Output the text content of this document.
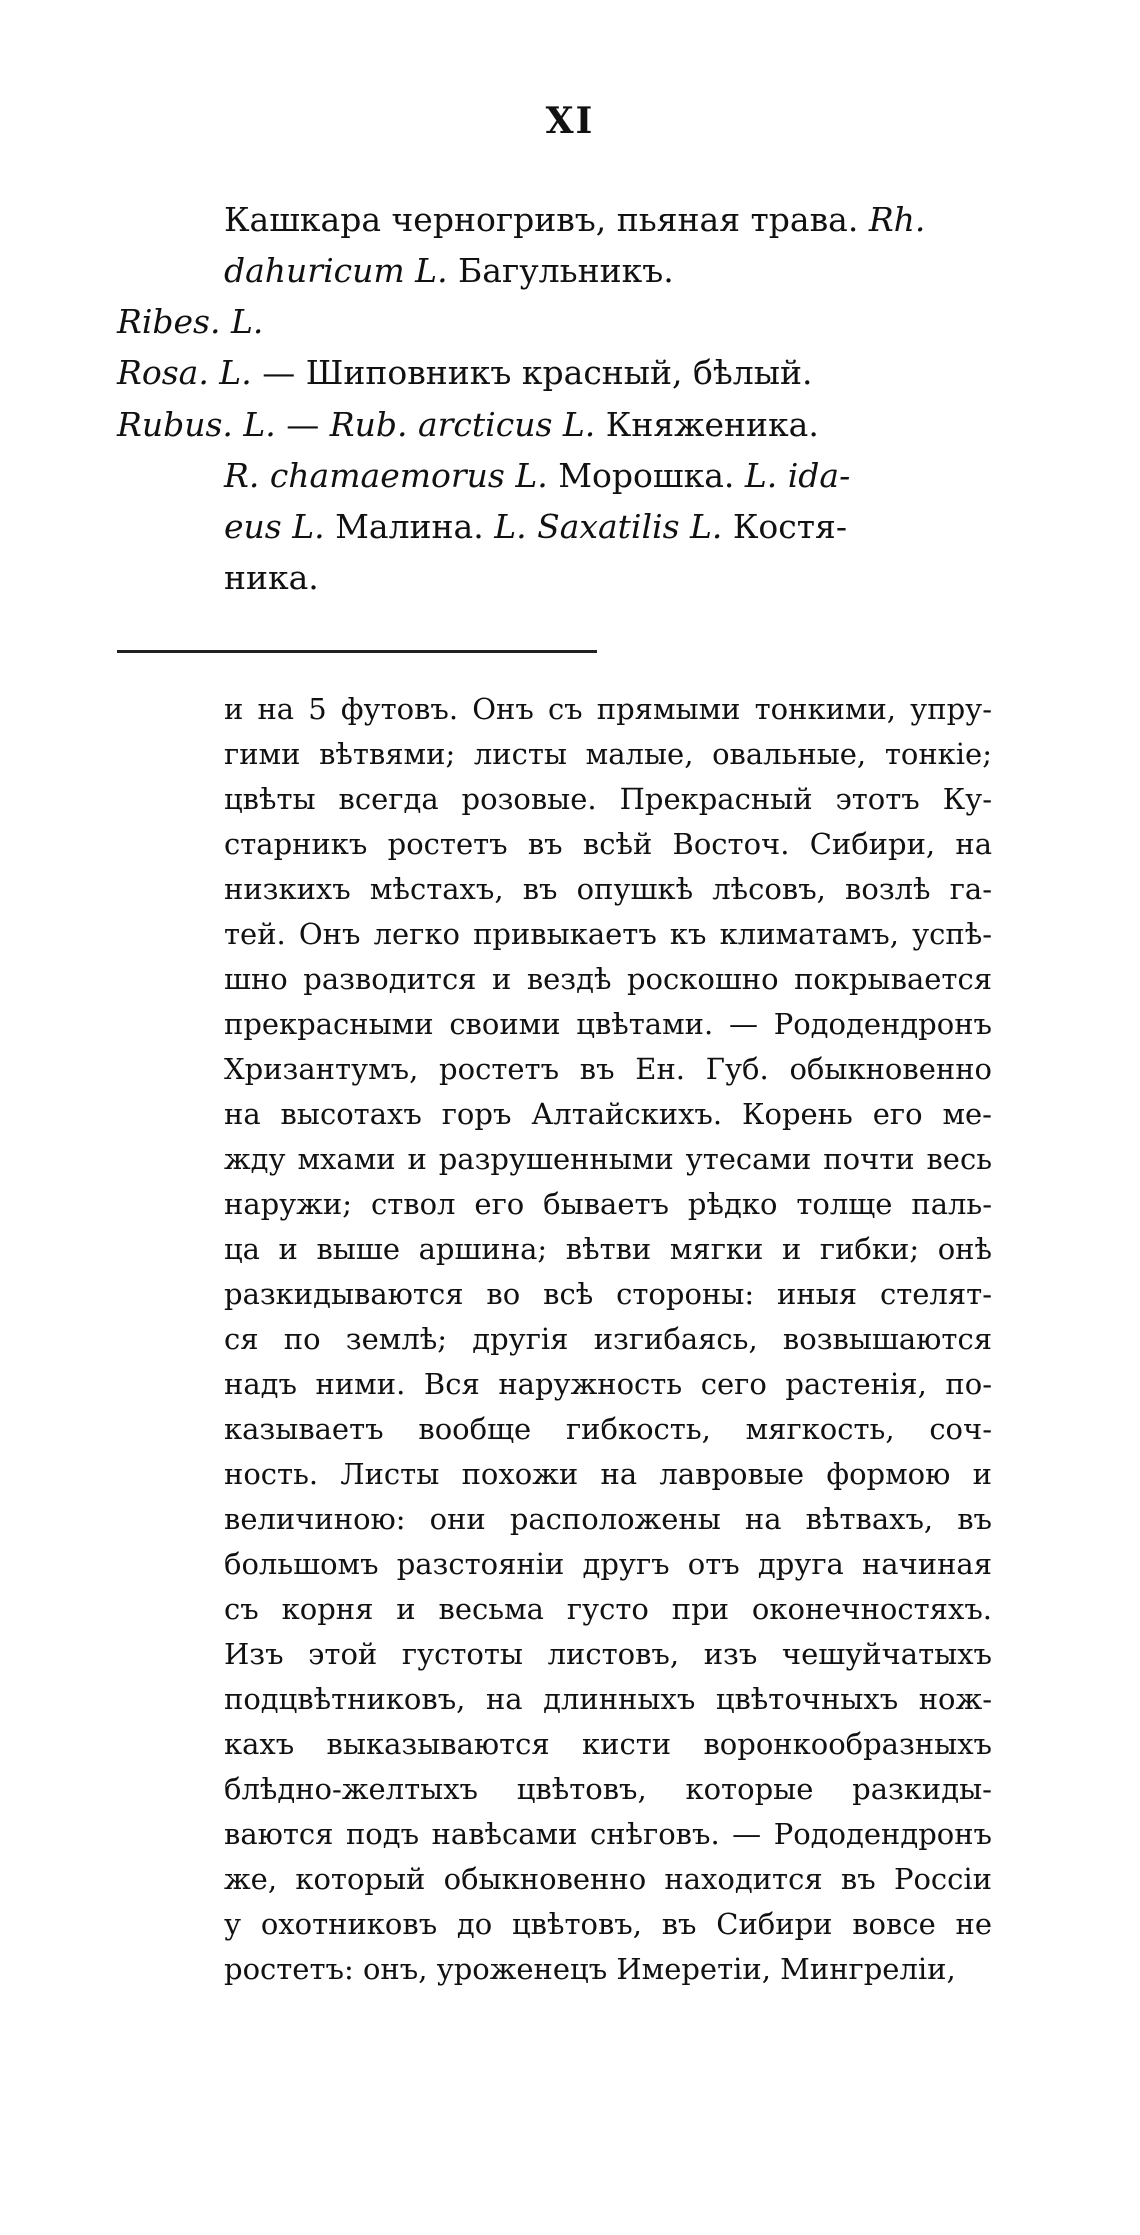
XI
Кашкара черногривъ, пьяная трава. Rh.
dahuricum L. Багульникъ.
Ribes. L.
Rosa. L. — Шиповникъ красный, бѣлый.
Rubus. L. — Rub. arcticus L. Княженика.
R. chamaemorus L. Морошка. L. ida-
eus L. Малина. L. Saxatilis L. Костя-
ника.
и на 5 футовъ. Онъ съ прямыми тонкими, упру-
гими вѣтвями; листы малые, овальные, тонкіе;
цвѣты всегда розовые. Прекрасный этотъ Ку-
старникъ ростетъ въ всѣй Восточ. Сибири, на
низкихъ мѣстахъ, въ опушкѣ лѣсовъ, возлѣ га-
тей. Онъ легко привыкаетъ къ климатамъ, успѣ-
шно разводится и вездѣ роскошно покрывается
прекрасными своими цвѣтами. — Рододендронъ
Хризантумъ, ростетъ въ Ен. Губ. обыкновенно
на высотахъ горъ Алтайскихъ. Корень его ме-
жду мхами и разрушенными утесами почти весь
наружи; ствол его бываетъ рѣдко толще паль-
ца и выше аршина; вѣтви мягки и гибки; онѣ
разкидываются во всѣ стороны: иныя стелят-
ся по землѣ; другія изгибаясь, возвышаются
надъ ними. Вся наружность сего растенія, по-
казываетъ вообще гибкость, мягкость, соч-
ность. Листы похожи на лавровые формою и
величиною: они расположены на вѣтвахъ, въ
большомъ разстояніи другъ отъ друга начиная
съ корня и весьма густо при оконечностяхъ.
Изъ этой густоты листовъ, изъ чешуйчатыхъ
подцвѣтниковъ, на длинныхъ цвѣточныхъ нож-
кахъ выказываются кисти воронкообразныхъ
блѣдно-желтыхъ цвѣтовъ, которые разкиды-
ваются подъ навѣсами снѣговъ. — Рододендронъ
же, который обыкновенно находится въ Россіи
у охотниковъ до цвѣтовъ, въ Сибири вовсе не
ростетъ: онъ, уроженецъ Имеретіи, Мингреліи,
